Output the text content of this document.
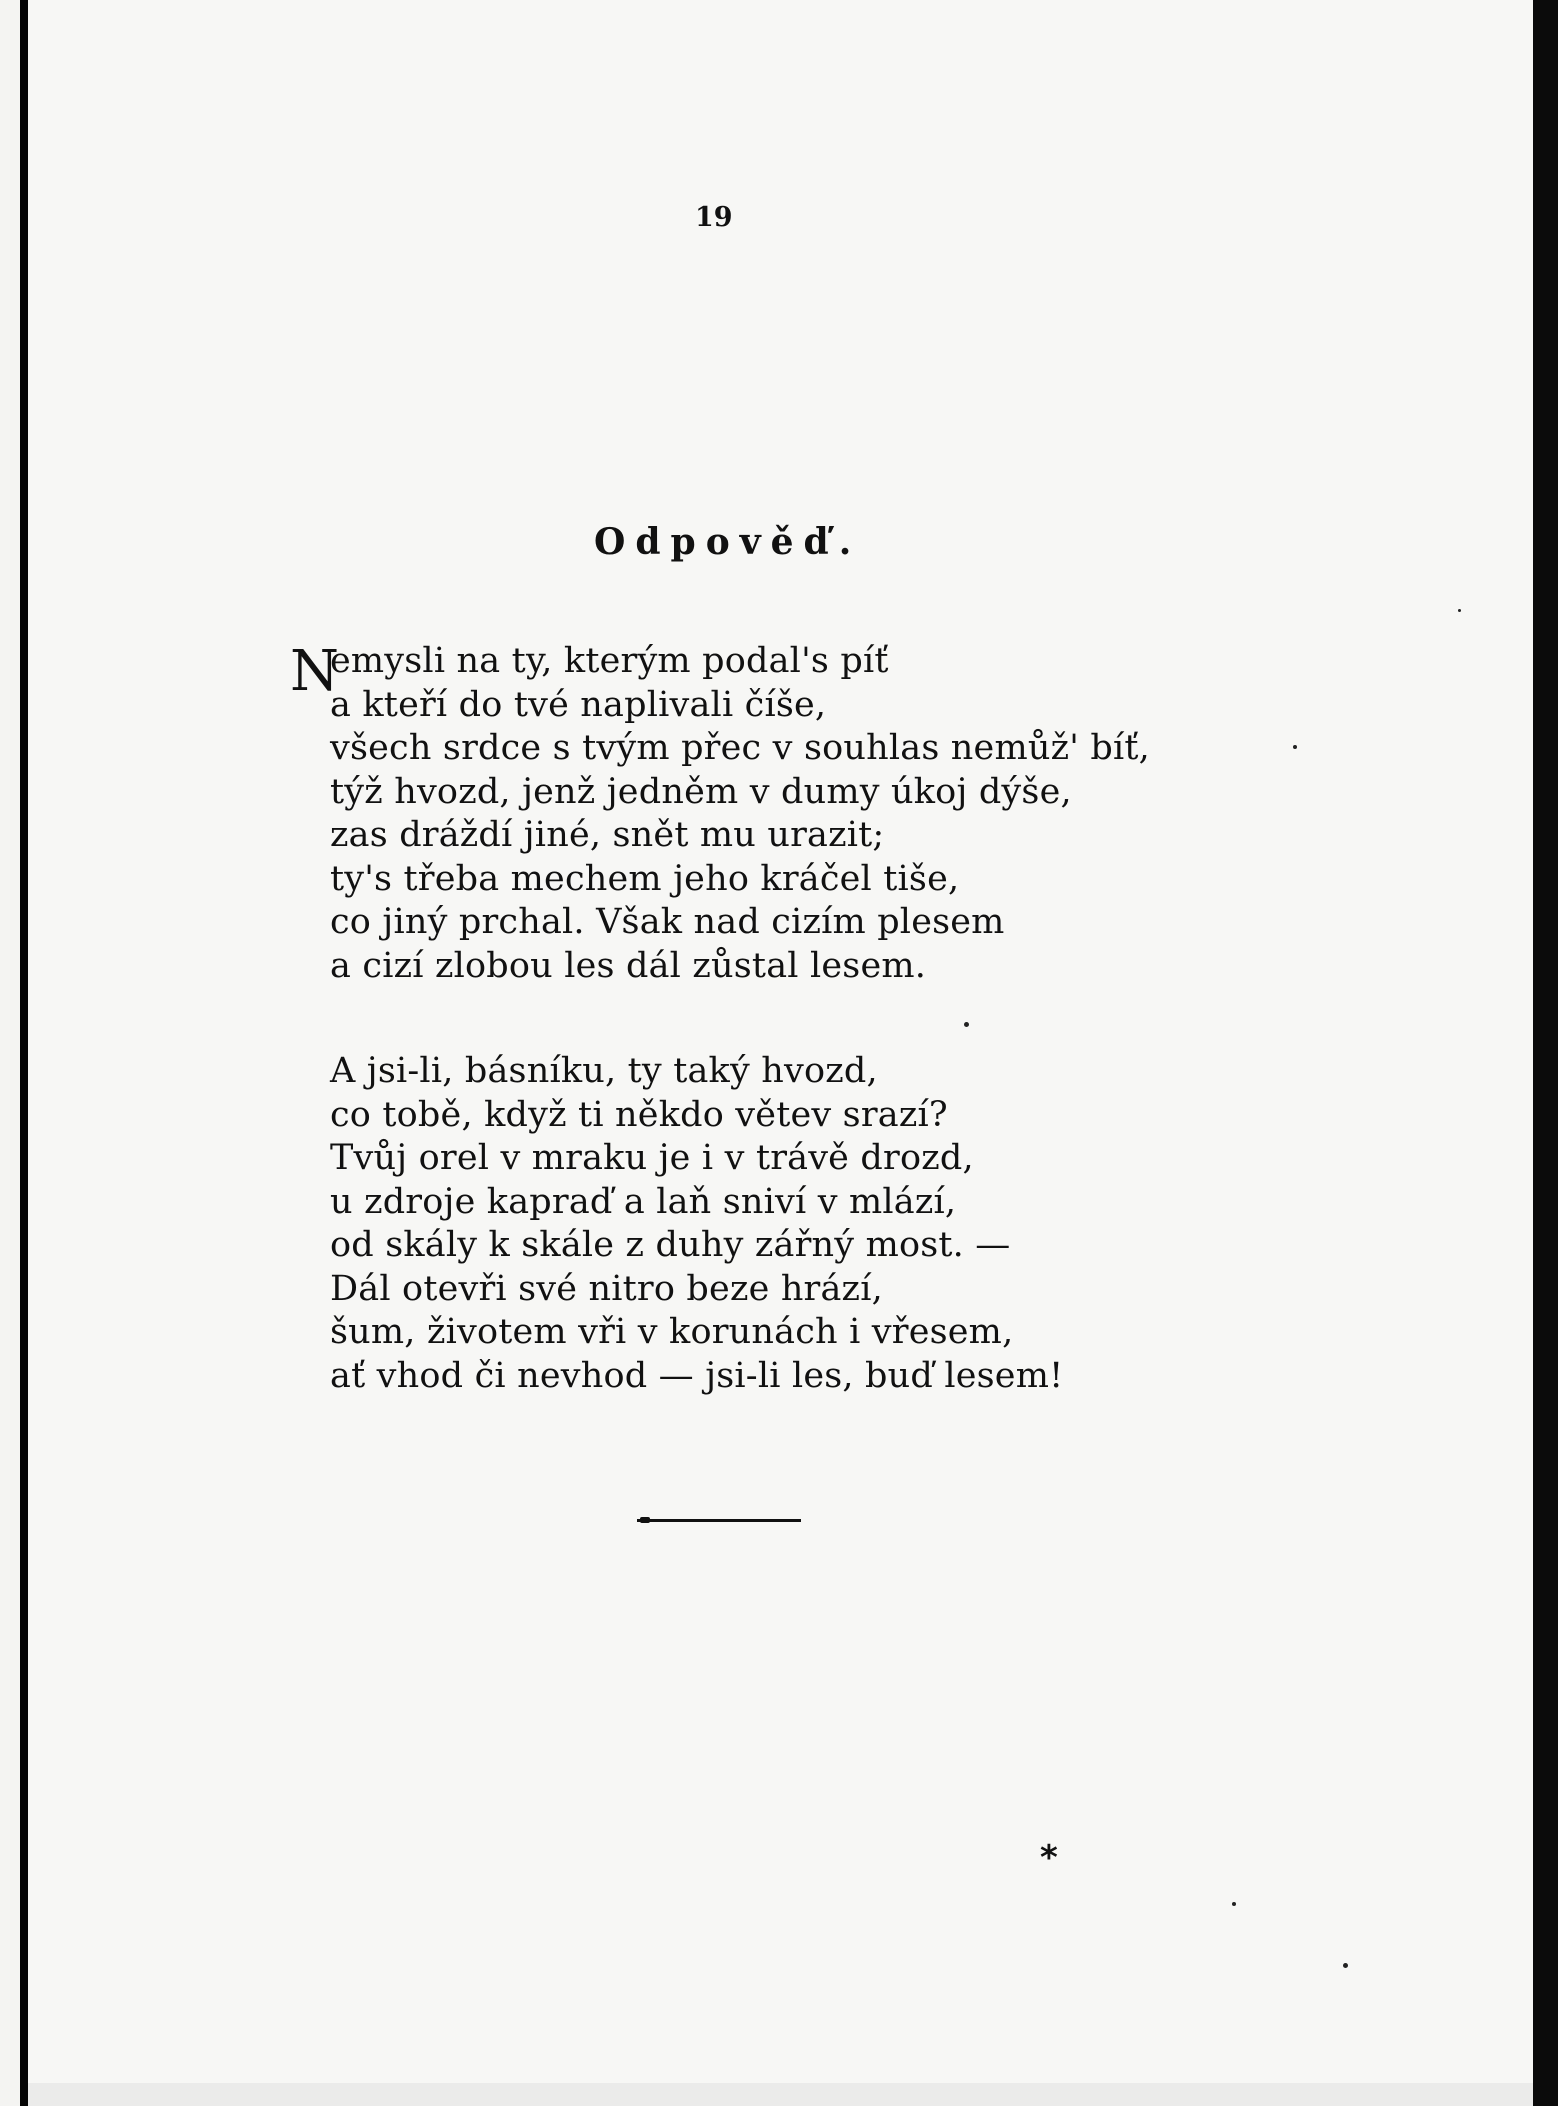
19
Odpověď.
N
emysli na ty, kterým podal's píť
a kteří do tvé naplivali číše,
všech srdce s tvým přec v souhlas nemůž' bíť,
týž hvozd, jenž jedněm v dumy úkoj dýše,
zas dráždí jiné, snět mu urazit;
ty's třeba mechem jeho kráčel tiše,
co jiný prchal. Však nad cizím plesem
a cizí zlobou les dál zůstal lesem.
A jsi-li, básníku, ty taký hvozd,
co tobě, když ti někdo větev srazí?
Tvůj orel v mraku je i v trávě drozd,
u zdroje kapraď a laň sniví v mlází,
od skály k skále z duhy zářný most. —
Dál otevři své nitro beze hrází,
šum, životem vři v korunách i vřesem,
ať vhod či nevhod — jsi-li les, buď lesem!
*
